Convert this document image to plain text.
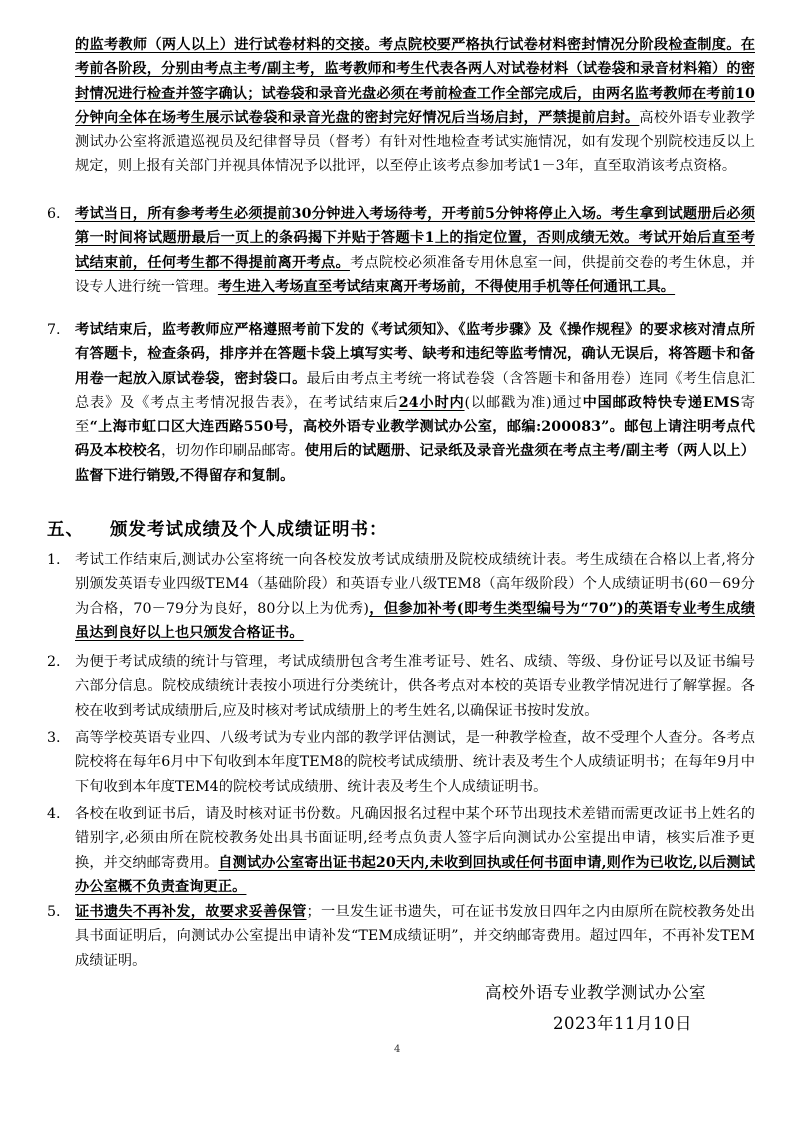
的监考教师（两人以上）进行试卷材料的交接。考点院校要严格执行试卷材料密封情况分阶段检查制度。在考前各阶段，分别由考点主考/副主考，监考教师和考生代表各两人对试卷材料（试卷袋和录音材料箱）的密封情况进行检查并签字确认；试卷袋和录音光盘必须在考前检查工作全部完成后，由两名监考教师在考前10分钟向全体在场考生展示试卷袋和录音光盘的密封完好情况后当场启封，严禁提前启封。高校外语专业教学测试办公室将派遣巡视员及纪律督导员（督考）有针对性地检查考试实施情况，如有发现个别院校违反以上规定，则上报有关部门并视具体情况予以批评，以至停止该考点参加考试1－3年，直至取消该考点资格。
6.	考试当日，所有参考考生必须提前30分钟进入考场待考，开考前5分钟将停止入场。考生拿到试题册后必须第一时间将试题册最后一页上的条码揭下并贴于答题卡1上的指定位置，否则成绩无效。考试开始后直至考试结束前，任何考生都不得提前离开考点。考点院校必须准备专用休息室一间，供提前交卷的考生休息，并设专人进行统一管理。考生进入考场直至考试结束离开考场前，不得使用手机等任何通讯工具。
7.	考试结束后，监考教师应严格遵照考前下发的《考试须知》、《监考步骤》及《操作规程》的要求核对清点所有答题卡，检查条码，排序并在答题卡袋上填写实考、缺考和违纪等监考情况，确认无误后，将答题卡和备用卷一起放入原试卷袋，密封袋口。最后由考点主考统一将试卷袋（含答题卡和备用卷）连同《考生信息汇总表》及《考点主考情况报告表》，在考试结束后24小时内(以邮戳为准)通过中国邮政特快专递EMS寄至“上海市虹口区大连西路550号，高校外语专业教学测试办公室，邮编:200083”。邮包上请注明考点代码及本校校名，切勿作印刷品邮寄。使用后的试题册、记录纸及录音光盘须在考点主考/副主考（两人以上）监督下进行销毁,不得留存和复制。
五、 颁发考试成绩及个人成绩证明书：
1.	考试工作结束后,测试办公室将统一向各校发放考试成绩册及院校成绩统计表。考生成绩在合格以上者,将分别颁发英语专业四级TEM4（基础阶段）和英语专业八级TEM8（高年级阶段）个人成绩证明书(60－69分为合格，70－79分为良好，80分以上为优秀)，但参加补考(即考生类型编号为“70”)的英语专业考生成绩虽达到良好以上也只颁发合格证书。
2.	为便于考试成绩的统计与管理，考试成绩册包含考生准考证号、姓名、成绩、等级、身份证号以及证书编号六部分信息。院校成绩统计表按小项进行分类统计，供各考点对本校的英语专业教学情况进行了解掌握。各校在收到考试成绩册后,应及时核对考试成绩册上的考生姓名,以确保证书按时发放。
3.	高等学校英语专业四、八级考试为专业内部的教学评估测试，是一种教学检查，故不受理个人查分。各考点院校将在每年6月中下旬收到本年度TEM8的院校考试成绩册、统计表及考生个人成绩证明书；在每年9月中下旬收到本年度TEM4的院校考试成绩册、统计表及考生个人成绩证明书。
4.	各校在收到证书后，请及时核对证书份数。凡确因报名过程中某个环节出现技术差错而需更改证书上姓名的错别字,必须由所在院校教务处出具书面证明,经考点负责人签字后向测试办公室提出申请，核实后准予更换，并交纳邮寄费用。自测试办公室寄出证书起20天内,未收到回执或任何书面申请,则作为已收讫,以后测试办公室概不负责查询更正。
5.	证书遗失不再补发，故要求妥善保管；一旦发生证书遗失，可在证书发放日四年之内由原所在院校教务处出具书面证明后，向测试办公室提出申请补发“TEM成绩证明”，并交纳邮寄费用。超过四年，不再补发TEM成绩证明。
高校外语专业教学测试办公室
2023年11月10日
4
